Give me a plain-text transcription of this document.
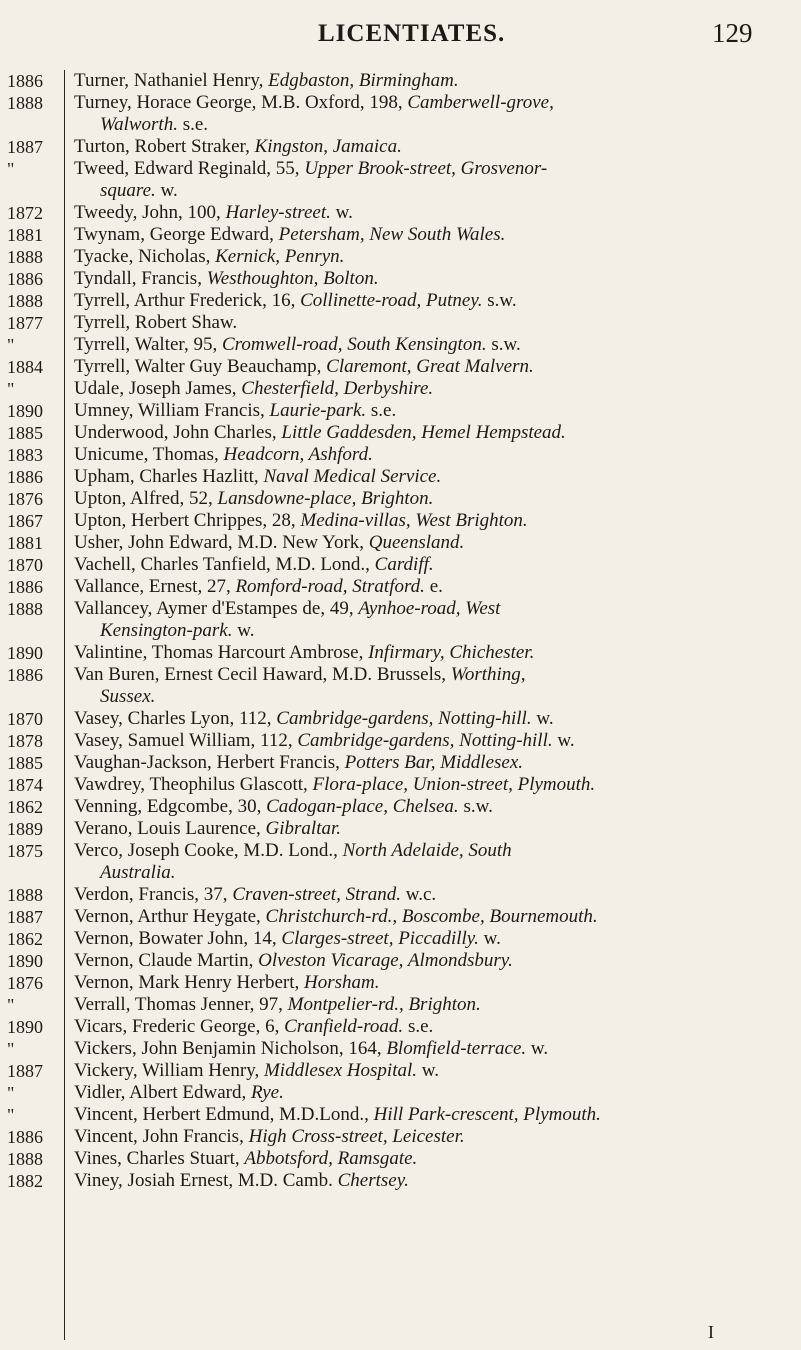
LICENTIATES.	129
1886	Turner, Nathaniel Henry, Edgbaston, Birmingham.
1888	Turney, Horace George, M.B. Oxford, 198, Camberwell-grove,
Walworth. s.e.
1887	Turton, Robert Straker, Kingston, Jamaica.
"	Tweed, Edward Reginald, 55, Upper Brook-street, Grosvenor-
square. w.
1872	Tweedy, John, 100, Harley-street. w.
1881	Twynam, George Edward, Petersham, New South Wales.
1888	Tyacke, Nicholas, Kernick, Penryn.
1886	Tyndall, Francis, Westhoughton, Bolton.
1888	Tyrrell, Arthur Frederick, 16, Collinette-road, Putney. s.w.
1877	Tyrrell, Robert Shaw.
"	Tyrrell, Walter, 95, Cromwell-road, South Kensington. s.w.
1884	Tyrrell, Walter Guy Beauchamp, Claremont, Great Malvern.
"	Udale, Joseph James, Chesterfield, Derbyshire.
1890	Umney, William Francis, Laurie-park. s.e.
1885	Underwood, John Charles, Little Gaddesden, Hemel Hempstead.
1883	Unicume, Thomas, Headcorn, Ashford.
1886	Upham, Charles Hazlitt, Naval Medical Service.
1876	Upton, Alfred, 52, Lansdowne-place, Brighton.
1867	Upton, Herbert Chrippes, 28, Medina-villas, West Brighton.
1881	Usher, John Edward, M.D. New York, Queensland.
1870	Vachell, Charles Tanfield, M.D. Lond., Cardiff.
1886	Vallance, Ernest, 27, Romford-road, Stratford. e.
1888	Vallancey, Aymer d'Estampes de, 49, Aynhoe-road, West
Kensington-park. w.
1890	Valintine, Thomas Harcourt Ambrose, Infirmary, Chichester.
1886	Van Buren, Ernest Cecil Haward, M.D. Brussels, Worthing,
Sussex.
1870	Vasey, Charles Lyon, 112, Cambridge-gardens, Notting-hill. w.
1878	Vasey, Samuel William, 112, Cambridge-gardens, Notting-hill. w.
1885	Vaughan-Jackson, Herbert Francis, Potters Bar, Middlesex.
1874	Vawdrey, Theophilus Glascott, Flora-place, Union-street, Plymouth.
1862	Venning, Edgcombe, 30, Cadogan-place, Chelsea. s.w.
1889	Verano, Louis Laurence, Gibraltar.
1875	Verco, Joseph Cooke, M.D. Lond., North Adelaide, South
Australia.
1888	Verdon, Francis, 37, Craven-street, Strand. w.c.
1887	Vernon, Arthur Heygate, Christchurch-rd., Boscombe, Bournemouth.
1862	Vernon, Bowater John, 14, Clarges-street, Piccadilly. w.
1890	Vernon, Claude Martin, Olveston Vicarage, Almondsbury.
1876	Vernon, Mark Henry Herbert, Horsham.
"	Verrall, Thomas Jenner, 97, Montpelier-rd., Brighton.
1890	Vicars, Frederic George, 6, Cranfield-road. s.e.
"	Vickers, John Benjamin Nicholson, 164, Blomfield-terrace. w.
1887	Vickery, William Henry, Middlesex Hospital. w.
"	Vidler, Albert Edward, Rye.
"	Vincent, Herbert Edmund, M.D.Lond., Hill Park-crescent, Plymouth.
1886	Vincent, John Francis, High Cross-street, Leicester.
1888	Vines, Charles Stuart, Abbotsford, Ramsgate.
1882	Viney, Josiah Ernest, M.D. Camb. Chertsey.
I
